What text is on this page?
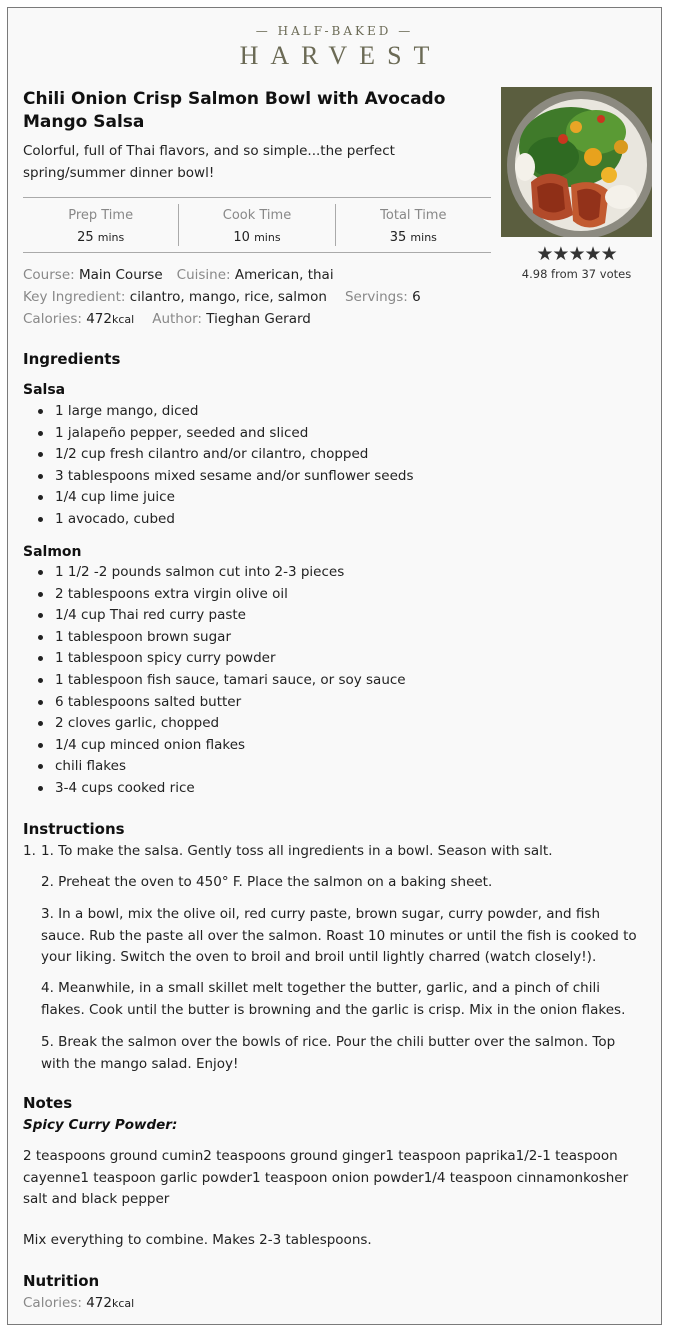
— HALF-BAKED —
HARVEST
Chili Onion Crisp Salmon Bowl with Avocado Mango Salsa

Colorful, full of Thai flavors, and so simple...the perfect spring/summer dinner bowl!

★★★★★
4.98 from 37 votes
Prep Time
25 mins
Cook Time
10 mins
Total Time
35 mins
Course: Main Course Cuisine: American, thai
Key Ingredient: cilantro, mango, rice, salmon Servings: 6
Calories: 472kcal Author: Tieghan Gerard
Ingredients
Salsa
1 large mango, diced
1 jalapeño pepper, seeded and sliced
1/2 cup fresh cilantro and/or cilantro, chopped
3 tablespoons mixed sesame and/or sunflower seeds
1/4 cup lime juice
1 avocado, cubed
Salmon
1 1/2 -2 pounds salmon cut into 2-3 pieces
2 tablespoons extra virgin olive oil
1/4 cup Thai red curry paste
1 tablespoon brown sugar
1 tablespoon spicy curry powder
1 tablespoon fish sauce, tamari sauce, or soy sauce
6 tablespoons salted butter
2 cloves garlic, chopped
1/4 cup minced onion flakes
chili flakes
3-4 cups cooked rice
Instructions
1. 1. To make the salsa. Gently toss all ingredients in a bowl. Season with salt.
2. Preheat the oven to 450° F. Place the salmon on a baking sheet.
3. In a bowl, mix the olive oil, red curry paste, brown sugar, curry powder, and fish sauce. Rub the paste all over the salmon. Roast 10 minutes or until the fish is cooked to your liking. Switch the oven to broil and broil until lightly charred (watch closely!).
4. Meanwhile, in a small skillet melt together the butter, garlic, and a pinch of chili flakes. Cook until the butter is browning and the garlic is crisp. Mix in the onion flakes.
5. Break the salmon over the bowls of rice. Pour the chili butter over the salmon. Top with the mango salad. Enjoy!
Notes
Spicy Curry Powder:

2 teaspoons ground cumin2 teaspoons ground ginger1 teaspoon paprika1/2-1 teaspoon cayenne1 teaspoon garlic powder1 teaspoon onion powder1/4 teaspoon cinnamonkosher salt and black pepper

Mix everything to combine. Makes 2-3 tablespoons.

Nutrition
Calories: 472kcal
